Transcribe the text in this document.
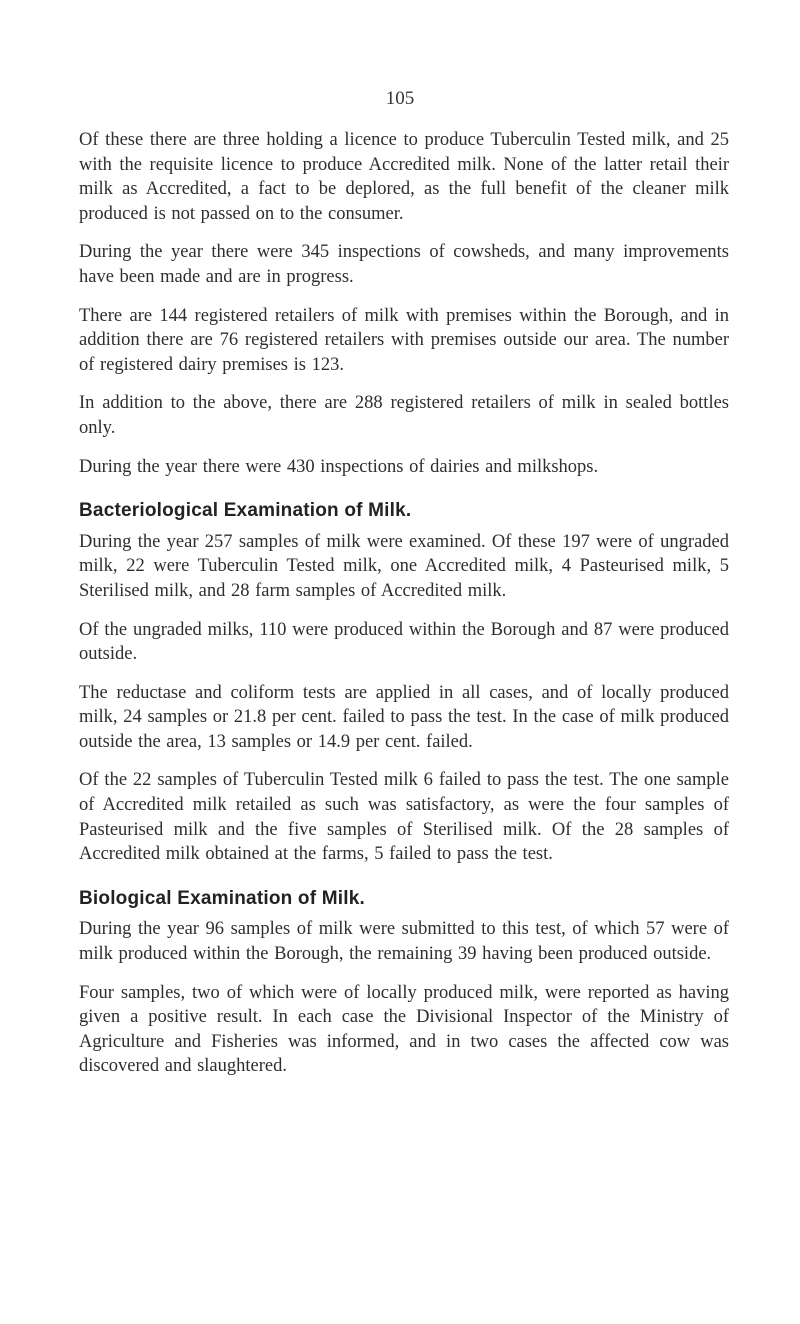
105

Of these there are three holding a licence to produce Tuberculin Tested milk, and 25 with the requisite licence to produce Accredited milk. None of the latter retail their milk as Accredited, a fact to be deplored, as the full benefit of the cleaner milk produced is not passed on to the consumer.

During the year there were 345 inspections of cowsheds, and many improvements have been made and are in progress.

There are 144 registered retailers of milk with premises within the Borough, and in addition there are 76 registered retailers with premises outside our area. The number of registered dairy premises is 123.

In addition to the above, there are 288 registered retailers of milk in sealed bottles only.

During the year there were 430 inspections of dairies and milkshops.

Bacteriological Examination of Milk.

During the year 257 samples of milk were examined. Of these 197 were of ungraded milk, 22 were Tuberculin Tested milk, one Accredited milk, 4 Pasteurised milk, 5 Sterilised milk, and 28 farm samples of Accredited milk.

Of the ungraded milks, 110 were produced within the Borough and 87 were produced outside.

The reductase and coliform tests are applied in all cases, and of locally produced milk, 24 samples or 21.8 per cent. failed to pass the test. In the case of milk produced outside the area, 13 samples or 14.9 per cent. failed.

Of the 22 samples of Tuberculin Tested milk 6 failed to pass the test. The one sample of Accredited milk retailed as such was satisfactory, as were the four samples of Pasteurised milk and the five samples of Sterilised milk. Of the 28 samples of Accredited milk obtained at the farms, 5 failed to pass the test.

Biological Examination of Milk.

During the year 96 samples of milk were submitted to this test, of which 57 were of milk produced within the Borough, the remaining 39 having been produced outside.

Four samples, two of which were of locally produced milk, were reported as having given a positive result. In each case the Divisional Inspector of the Ministry of Agriculture and Fisheries was informed, and in two cases the affected cow was discovered and slaughtered.
